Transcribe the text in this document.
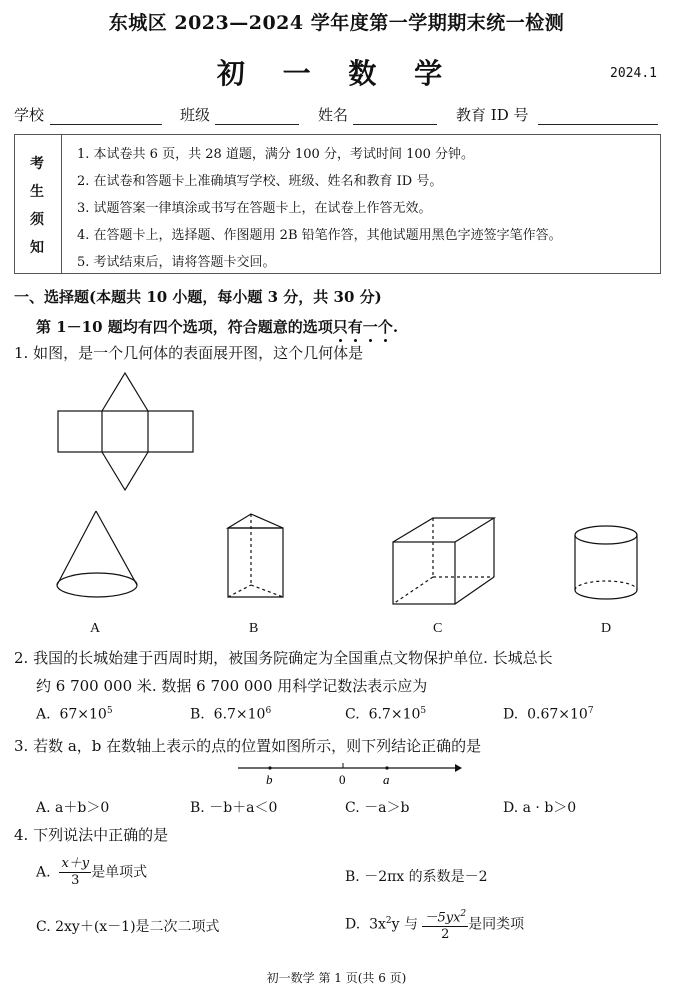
东城区 2023—2024 学年度第一学期期末统一检测
初 一 数 学	2024.1
学校	班级	姓名	教育 ID 号
考
生
须
知
1. 本试卷共 6 页，共 28 道题，满分 100 分，考试时间 100 分钟。
2. 在试卷和答题卡上准确填写学校、班级、姓名和教育 ID 号。
3. 试题答案一律填涂或书写在答题卡上，在试卷上作答无效。
4. 在答题卡上，选择题、作图题用 2B 铅笔作答，其他试题用黑色字迹签字笔作答。
5. 考试结束后，请将答题卡交回。
一、选择题(本题共 10 小题，每小题 3 分，共 30 分)
第 1－10 题均有四个选项，符合题意的选项只有一个.
1. 如图，是一个几何体的表面展开图，这个几何体是
A	B	C	D
2. 我国的长城始建于西周时期，被国务院确定为全国重点文物保护单位. 长城总长
约 6 700 000 米. 数据 6 700 000 用科学记数法表示应为
A. $67\times 10^5$	B. $6.7\times 10^6$	C. $6.7\times 10^5$	D. $0.67\times 10^7$
3. 若数 a，b 在数轴上表示的点的位置如图所示，则下列结论正确的是
b	0	a
A. a＋b＞0	B. －b＋a＜0	C. －a＞b	D. a · b＞0
4. 下列说法中正确的是
A. $\frac{x+y}{3}$ 是单项式	B. －2πx 的系数是－2
C. 2xy＋(x－1)是二次二项式	D. $3x^2y$ 与 $\frac{-5yx^2}{2}$ 是同类项
初一数学 第 1 页(共 6 页)
